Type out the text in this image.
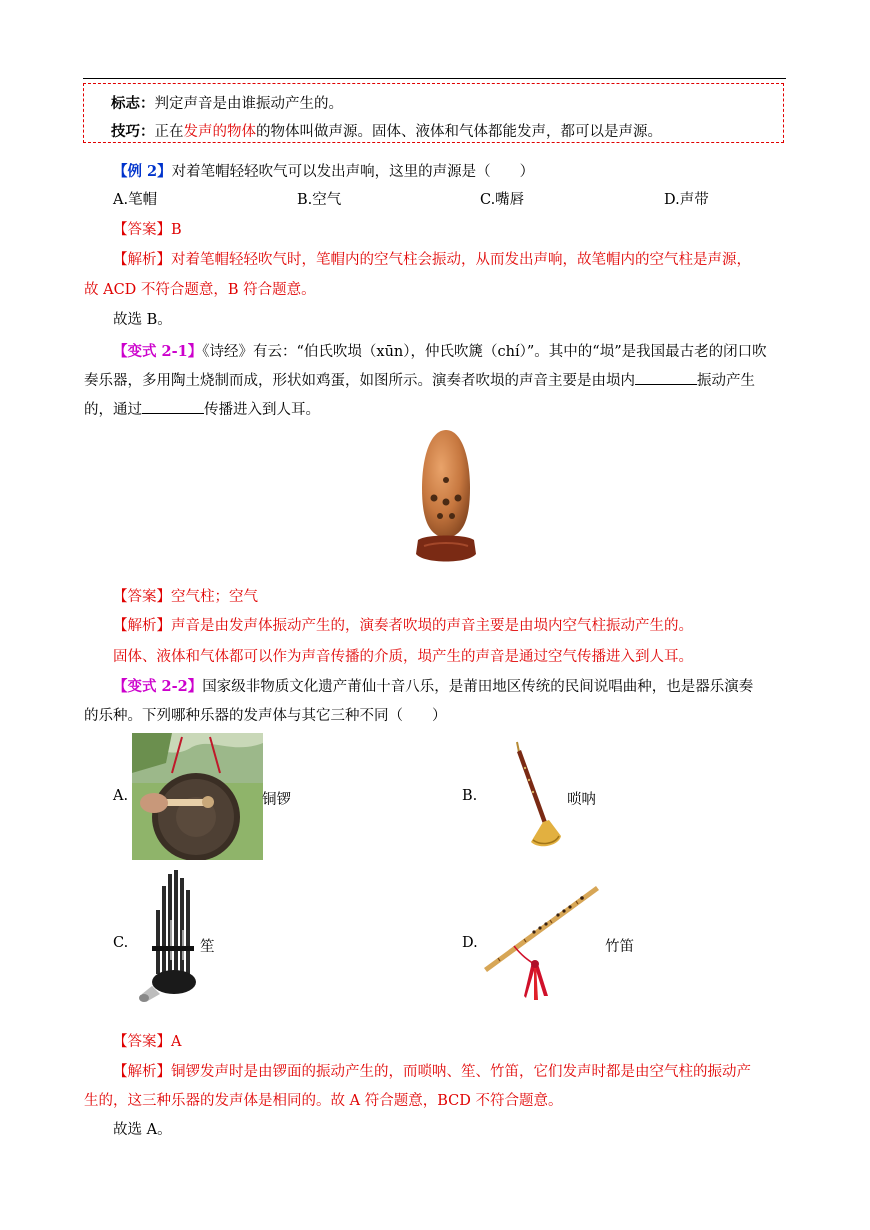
标志：判定声音是由谁振动产生的。
技巧：正在发声的物体的物体叫做声源。固体、液体和气体都能发声，都可以是声源。
【例 2】对着笔帽轻轻吹气可以发出声响，这里的声源是（　　）
A.笔帽	B.空气	C.嘴唇	D.声带
【答案】B
【解析】对着笔帽轻轻吹气时，笔帽内的空气柱会振动，从而发出声响，故笔帽内的空气柱是声源，
故 ACD 不符合题意，B 符合题意。
故选 B。
【变式 2-1】《诗经》有云：“伯氏吹埙（xūn），仲氏吹篪（chí）”。其中的“埙”是我国最古老的闭口吹
奏乐器，多用陶土烧制而成，形状如鸡蛋，如图所示。演奏者吹埙的声音主要是由埙内	振动产生
的，通过	传播进入到人耳。
【答案】空气柱；空气
【解析】声音是由发声体振动产生的，演奏者吹埙的声音主要是由埙内空气柱振动产生的。
固体、液体和气体都可以作为声音传播的介质，埙产生的声音是通过空气传播进入到人耳。
【变式 2-2】国家级非物质文化遗产莆仙十音八乐，是莆田地区传统的民间说唱曲种，也是器乐演奏
的乐种。下列哪种乐器的发声体与其它三种不同（　　）
A.	铜锣	B.	唢呐
C.	笙	D.	竹笛
【答案】A
【解析】铜锣发声时是由锣面的振动产生的，而唢呐、笙、竹笛，它们发声时都是由空气柱的振动产
生的，这三种乐器的发声体是相同的。故 A 符合题意，BCD 不符合题意。
故选 A。
